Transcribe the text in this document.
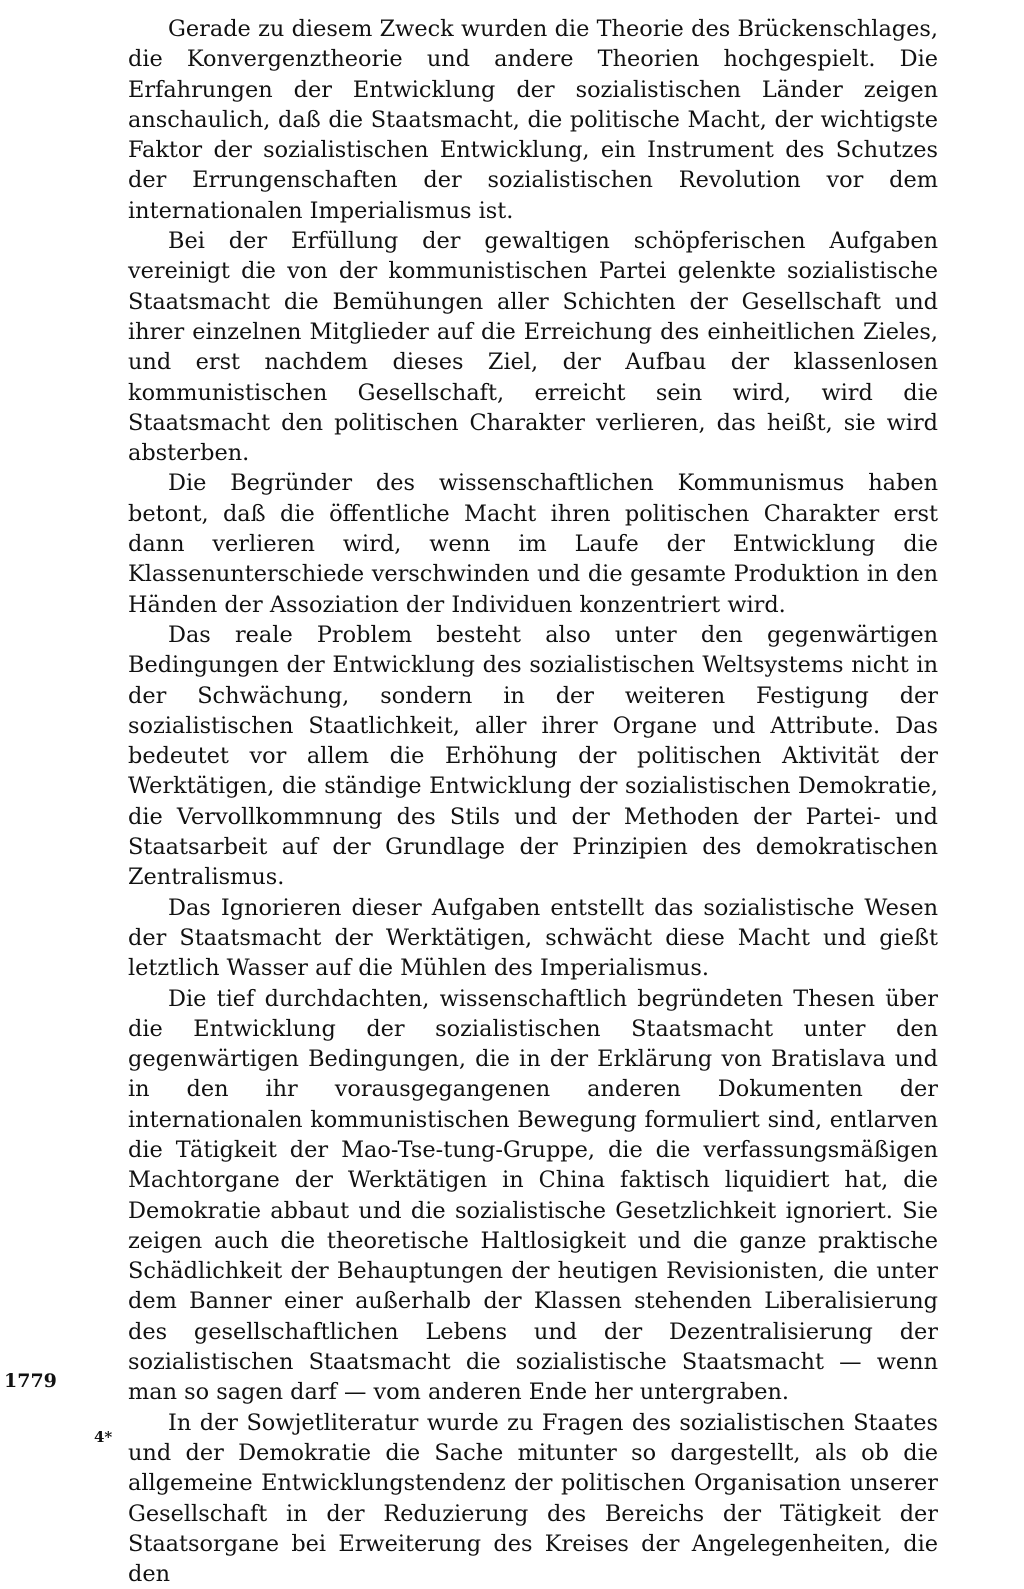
Gerade zu diesem Zweck wurden die Theorie des Brückenschlages, die Konvergenztheorie und andere Theorien hochgespielt. Die Erfahrungen der Entwicklung der sozialistischen Länder zeigen anschaulich, daß die Staatsmacht, die politische Macht, der wichtigste Faktor der sozialistischen Entwicklung, ein Instrument des Schutzes der Errungenschaften der sozialistischen Revolution vor dem internationalen Imperialismus ist.

Bei der Erfüllung der gewaltigen schöpferischen Aufgaben vereinigt die von der kommunistischen Partei gelenkte sozialistische Staatsmacht die Bemühungen aller Schichten der Gesellschaft und ihrer einzelnen Mitglieder auf die Erreichung des einheitlichen Zieles, und erst nachdem dieses Ziel, der Aufbau der klassenlosen kommunistischen Gesellschaft, erreicht sein wird, wird die Staatsmacht den politischen Charakter verlieren, das heißt, sie wird absterben.

Die Begründer des wissenschaftlichen Kommunismus haben betont, daß die öffentliche Macht ihren politischen Charakter erst dann verlieren wird, wenn im Laufe der Entwicklung die Klassenunterschiede verschwinden und die gesamte Produktion in den Händen der Assoziation der Individuen konzentriert wird.

Das reale Problem besteht also unter den gegenwärtigen Bedingungen der Entwicklung des sozialistischen Weltsystems nicht in der Schwächung, sondern in der weiteren Festigung der sozialistischen Staatlichkeit, aller ihrer Organe und Attribute. Das bedeutet vor allem die Erhöhung der politischen Aktivität der Werktätigen, die ständige Entwicklung der sozialistischen Demokratie, die Vervollkommnung des Stils und der Methoden der Partei- und Staatsarbeit auf der Grundlage der Prinzipien des demokratischen Zentralismus.

Das Ignorieren dieser Aufgaben entstellt das sozialistische Wesen der Staatsmacht der Werktätigen, schwächt diese Macht und gießt letztlich Wasser auf die Mühlen des Imperialismus.

Die tief durchdachten, wissenschaftlich begründeten Thesen über die Entwicklung der sozialistischen Staatsmacht unter den gegenwärtigen Bedingungen, die in der Erklärung von Bratislava und in den ihr vorausgegangenen anderen Dokumenten der internationalen kommunistischen Bewegung formuliert sind, entlarven die Tätigkeit der Mao-Tse-tung-Gruppe, die die verfassungsmäßigen Machtorgane der Werktätigen in China faktisch liquidiert hat, die Demokratie abbaut und die sozialistische Gesetzlichkeit ignoriert. Sie zeigen auch die theoretische Haltlosigkeit und die ganze praktische Schädlichkeit der Behauptungen der heutigen Revisionisten, die unter dem Banner einer außerhalb der Klassen stehenden Liberalisierung des gesellschaftlichen Lebens und der Dezentralisierung der sozialistischen Staatsmacht die sozialistische Staatsmacht — wenn man so sagen darf — vom anderen Ende her untergraben.

In der Sowjetliteratur wurde zu Fragen des sozialistischen Staates und der Demokratie die Sache mitunter so dargestellt, als ob die allgemeine Entwicklungstendenz der politischen Organisation unserer Gesellschaft in der Reduzierung des Bereichs der Tätigkeit der Staatsorgane bei Erweiterung des Kreises der Angelegenheiten, die den

1779
4*
